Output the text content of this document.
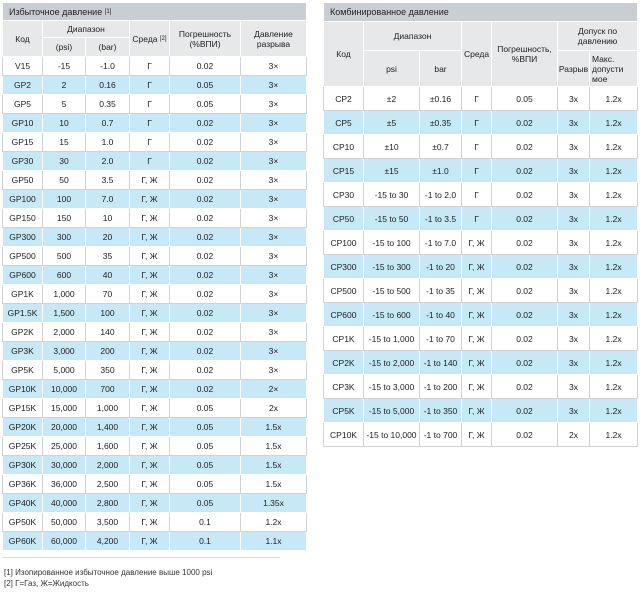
Избыточное давление [1]
Код	Диапазон		Среда [2]	Погрешность (%ВПИ)	Давление разрыва
	(psi)	(bar)			
V15	-15	-1.0	Г	0.02	3×
GP2	2	0.16	Г	0.05	3×
GP5	5	0.35	Г	0.05	3×
GP10	10	0.7	Г	0.02	3×
GP15	15	1.0	Г	0.02	3×
GP30	30	2.0	Г	0.02	3×
GP50	50	3.5	Г, Ж	0.02	3×
GP100	100	7.0	Г, Ж	0.02	3×
GP150	150	10	Г, Ж	0.02	3×
GP300	300	20	Г, Ж	0.02	3×
GP500	500	35	Г, Ж	0.02	3×
GP600	600	40	Г, Ж	0.02	3×
GP1K	1,000	70	Г, Ж	0.02	3×
GP1.5K	1,500	100	Г, Ж	0.02	3×
GP2K	2,000	140	Г, Ж	0.02	3×
GP3K	3,000	200	Г, Ж	0.02	3×
GP5K	5,000	350	Г, Ж	0.02	3×
GP10K	10,000	700	Г, Ж	0.02	2×
GP15K	15,000	1,000	Г, Ж	0.05	2x
GP20K	20,000	1,400	Г, Ж	0.05	1.5x
GP25K	25,000	1,600	Г, Ж	0.05	1.5x
GP30K	30,000	2,000	Г, Ж	0.05	1.5x
GP36K	36,000	2,500	Г, Ж	0.05	1.5x
GP40K	40,000	2,800	Г, Ж	0.05	1.35x
GP50K	50,000	3,500	Г, Ж	0.1	1.2x
GP60K	60,000	4,200	Г, Ж	0.1	1.1x
Комбинированное давление						
Код	Диапазон		Среда	Погрешность, %ВПИ	Допуск по давлению	
	psi	bar			Разрыв	Макс. допусти мое
CP2	±2	±0.16	Г	0.05	3x	1.2x
CP5	±5	±0.35	Г	0.02	3x	1.2x
CP10	±10	±0.7	Г	0.02	3x	1.2x
CP15	±15	±1.0	Г	0.02	3x	1.2x
CP30	-15 to 30	-1 to 2.0	Г	0.02	3x	1.2x
CP50	-15 to 50	-1 to 3.5	Г	0.02	3x	1.2x
CP100	-15 to 100	-1 to 7.0	Г, Ж	0.02	3x	1.2x
CP300	-15 to 300	-1 to 20	Г, Ж	0.02	3x	1.2x
CP500	-15 to 500	-1 to 35	Г, Ж	0.02	3x	1.2x
CP600	-15 to 600	-1 to 40	Г, Ж	0.02	3x	1.2x
CP1K	-15 to 1,000	-1 to 70	Г, Ж	0.02	3x	1.2x
CP2K	-15 to 2,000	-1 to 140	Г, Ж	0.02	3x	1.2x
CP3K	-15 to 3,000	-1 to 200	Г, Ж	0.02	3x	1.2x
CP5K	-15 to 5,000	-1 to 350	Г, Ж	0.02	3x	1.2x
CP10K	-15 to 10,000	-1 to 700	Г, Ж	0.02	2x	1.2x
[1] Изопированное избыточное давление выше 1000 psi
[2] Г=Газ, Ж=Жидкость
